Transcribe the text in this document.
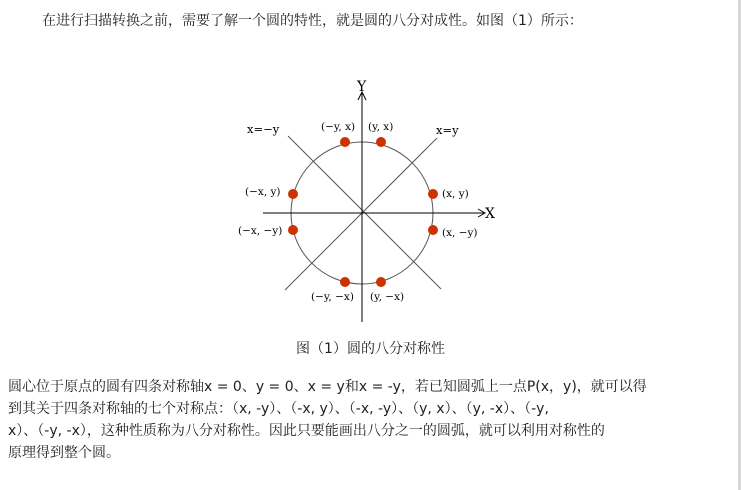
在进行扫描转换之前，需要了解一个圆的特性，就是圆的八分对成性。如图（1）所示：
Y
X
x=−y	x=y
(−y, x) (y, x)
(x, y)
(x, −y)
(y, −x)
(−y, −x)
(−x, −y)
(−x, y)
图（1）圆的八分对称性
圆心位于原点的圆有四条对称轴x = 0、y = 0、x = y和x = -y，若已知圆弧上一点P(x，y)，就可以得
到其关于四条对称轴的七个对称点：（x, -y）、（-x, y）、（-x, -y）、（y, x）、（y, -x）、（-y,
x）、（-y, -x），这种性质称为八分对称性。因此只要能画出八分之一的圆弧，就可以利用对称性的
原理得到整个圆。
